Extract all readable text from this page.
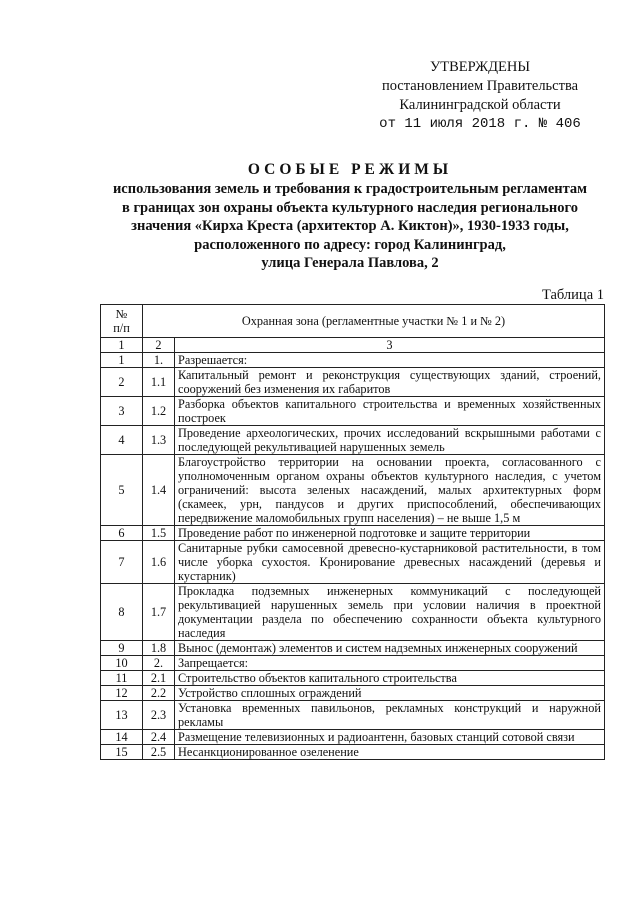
УТВЕРЖДЕНЫ
постановлением Правительства
Калининградской области
от 11 июля 2018 г. № 406
ОСОБЫЕ РЕЖИМЫ
использования земель и требования к градостроительным регламентам
в границах зон охраны объекта культурного наследия регионального
значения «Кирха Креста (архитектор А. Киктон)», 1930-1933 годы,
расположенного по адресу: город Калининград,
улица Генерала Павлова, 2
Таблица 1
№
п/п	Охранная зона (регламентные участки № 1 и № 2)	
1	2	3
1	1.	Разрешается:
2	1.1	Капитальный ремонт и реконструкция существующих зданий, строений, сооружений без изменения их габаритов
3	1.2	Разборка объектов капитального строительства и временных хозяйственных построек
4	1.3	Проведение археологических, прочих исследований вскрышными работами с последующей рекультивацией нарушенных земель
5	1.4	Благоустройство территории на основании проекта, согласованного с уполномоченным органом охраны объектов культурного наследия, с учетом ограничений: высота зеленых насаждений, малых архитектурных форм (скамеек, урн, пандусов и других приспособлений, обеспечивающих передвижение маломобильных групп населения) – не выше 1,5 м
6	1.5	Проведение работ по инженерной подготовке и защите территории
7	1.6	Санитарные рубки самосевной древесно-кустарниковой растительности, в том числе уборка сухостоя. Кронирование древесных насаждений (деревья и кустарник)
8	1.7	Прокладка подземных инженерных коммуникаций с последующей рекультивацией нарушенных земель при условии наличия в проектной документации раздела по обеспечению сохранности объекта культурного наследия
9	1.8	Вынос (демонтаж) элементов и систем надземных инженерных сооружений
10	2.	Запрещается:
11	2.1	Строительство объектов капитального строительства
12	2.2	Устройство сплошных ограждений
13	2.3	Установка временных павильонов, рекламных конструкций и наружной рекламы
14	2.4	Размещение телевизионных и радиоантенн, базовых станций сотовой связи
15	2.5	Несанкционированное озеленение
